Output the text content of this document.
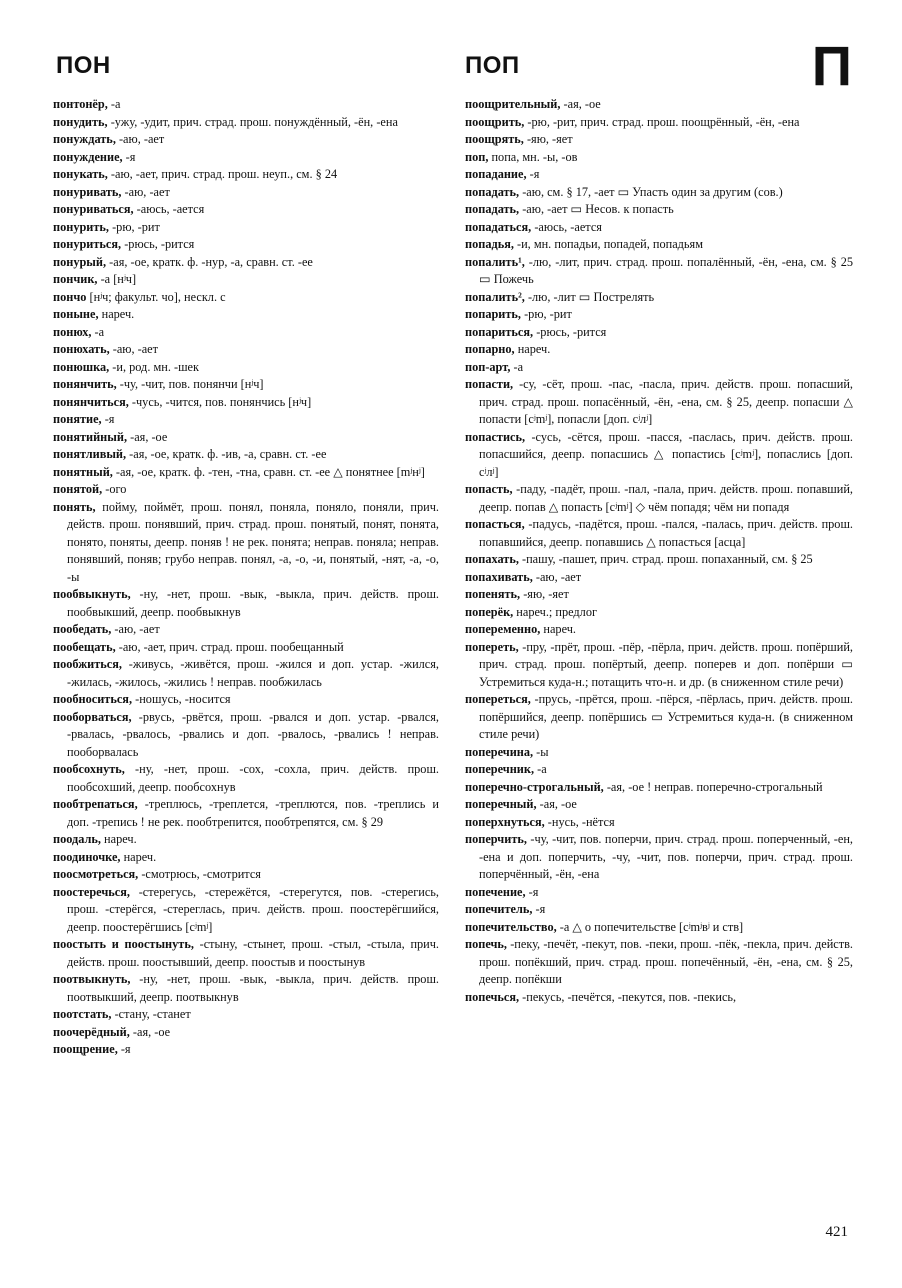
ПОН	ПОП	П

понтонёр, -а

понудить, -ужу, -удит, прич. страд. прош. понуждённый, -ён, -ена

понуждать, -аю, -ает

понуждение, -я

понукать, -аю, -ает, прич. страд. прош. неуп., см. § 24

понуривать, -аю, -ает

понуриваться, -аюсь, -ается

понурить, -рю, -рит

понуриться, -рюсь, -рится

понурый, -ая, -ое, кратк. ф. -нур, -а, сравн. ст. -ее

пончик, -а [нʲч]

пончо [нʲч; факульт. чо], нескл. с

поныне, нареч.

понюх, -а

понюхать, -аю, -ает

понюшка, -и, род. мн. -шек

понянчить, -чу, -чит, пов. понянчи [нʲч]

понянчиться, -чусь, -чится, пов. понянчись [нʲч]

понятие, -я

понятийный, -ая, -ое

понятливый, -ая, -ое, кратк. ф. -ив, -а, сравн. ст. -ее

понятный, -ая, -ое, кратк. ф. -тен, -тна, сравн. ст. -ее △ понятнее [mʲнʲ]

понятой, -ого

понять, пойму, поймёт, прош. понял, поняла, поняло, поняли, прич. действ. прош. понявший, прич. страд. прош. понятый, понят, понята, понято, поняты, деепр. поняв ! не рек. понята; неправ. поняла; неправ. понявший, поняв; грубо неправ. понял, -а, -о, -и, понятый, -нят, -а, -о, -ы

пообвыкнуть, -ну, -нет, прош. -вык, -выкла, прич. действ. прош. пообвыкший, деепр. пообвыкнув

пообедать, -аю, -ает

пообещать, -аю, -ает, прич. страд. прош. пообещанный

пообжиться, -живусь, -живётся, прош. -жился и доп. устар. -жился, -жилась, -жилось, -жились ! неправ. пообжилась

пообноситься, -ношусь, -носится

пооборваться, -рвусь, -рвётся, прош. -рвался и доп. устар. -рвался, -рвалась, -рвалось, -рвались и доп. -рвалось, -рвались ! неправ. пооборвалась

пообсохнуть, -ну, -нет, прош. -сох, -сохла, прич. действ. прош. пообсохший, деепр. пообсохнув

пообтрепаться, -треплюсь, -треплется, -треплются, пов. -треплись и доп. -трепись ! не рек. пообтрепится, пообтрепятся, см. § 29

поодаль, нареч.

поодиночке, нареч.

поосмотреться, -смотрюсь, -смотрится

поостеречься, -стерегусь, -стережётся, -стерегутся, пов. -стерегись, прош. -стерёгся, -стереглась, прич. действ. прош. поостерёгшийся, деепр. поостерёгшись [сʲmʲ]

поостыть и поостынуть, -стыну, -стынет, прош. -стыл, -стыла, прич. действ. прош. поостывший, деепр. поостыв и поостынув

поотвыкнуть, -ну, -нет, прош. -вык, -выкла, прич. действ. прош. поотвыкший, деепр. поотвыкнув

поотстать, -стану, -станет

поочерёдный, -ая, -ое

поощрение, -я

поощрительный, -ая, -ое

поощрить, -рю, -рит, прич. страд. прош. поощрённый, -ён, -ена

поощрять, -яю, -яет

поп, попа, мн. -ы, -ов

попадание, -я

попадать, -аю, см. § 17, -ает ▭ Упасть один за другим (сов.)

попадать, -аю, -ает ▭ Несов. к попасть

попадаться, -аюсь, -ается

попадья, -и, мн. попадьи, попадей, попадьям

попалить¹, -лю, -лит, прич. страд. прош. попалённый, -ён, -ена, см. § 25 ▭ Пожечь

попалить², -лю, -лит ▭ Пострелять

попарить, -рю, -рит

попариться, -рюсь, -рится

попарно, нареч.

поп-арт, -а

попасти, -су, -сёт, прош. -пас, -пасла, прич. действ. прош. попасший, прич. страд. прош. попасённый, -ён, -ена, см. § 25, деепр. попасши △ попасти [сʲmʲ], попасли [доп. сʲлʲ]

попастись, -сусь, -сётся, прош. -пасся, -паслась, прич. действ. прош. попасшийся, деепр. попасшись △ попастись [сʲmʲ], попаслись [доп. сʲлʲ]

попасть, -паду, -падёт, прош. -пал, -пала, прич. действ. прош. попавший, деепр. попав △ попасть [сʲmʲ] ◇ чём попадя; чём ни попадя

попасться, -падусь, -падётся, прош. -пался, -палась, прич. действ. прош. попавшийся, деепр. попавшись △ попасться [асца]

попахать, -пашу, -пашет, прич. страд. прош. попаханный, см. § 25

попахивать, -аю, -ает

попенять, -яю, -яет

поперёк, нареч.; предлог

попеременно, нареч.

попереть, -пру, -прёт, прош. -пёр, -пёрла, прич. действ. прош. попёрший, прич. страд. прош. попёртый, деепр. поперев и доп. попёрши ▭ Устремиться куда-н.; потащить что-н. и др. (в сниженном стиле речи)

попереться, -прусь, -прётся, прош. -пёрся, -пёрлась, прич. действ. прош. попёршийся, деепр. попёршись ▭ Устремиться куда-н. (в сниженном стиле речи)

поперечина, -ы

поперечник, -а

поперечно-строгальный, -ая, -ое ! неправ. поперечно-строгальный

поперечный, -ая, -ое

поперхнуться, -нусь, -нётся

поперчить, -чу, -чит, пов. поперчи, прич. страд. прош. поперченный, -ен, -ена и доп. поперчить, -чу, -чит, пов. поперчи, прич. страд. прош. поперчённый, -ён, -ена

попечение, -я

попечитель, -я

попечительство, -а △ о попечительстве [сʲmʲвʲ и ств]

попечь, -пеку, -печёт, -пекут, пов. -пеки, прош. -пёк, -пекла, прич. действ. прош. попёкший, прич. страд. прош. попечённый, -ён, -ена, см. § 25, деепр. попёкши

попечься, -пекусь, -печётся, -пекутся, пов. -пекись,

421
